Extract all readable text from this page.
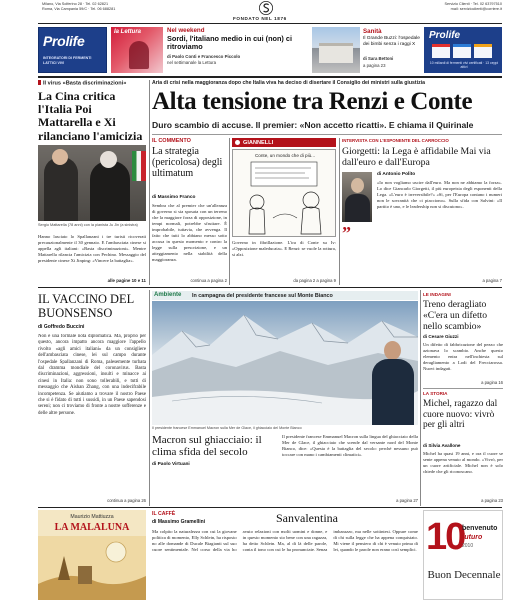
Milano, Via Solferino 28 · Tel. 02 62821
Roma, Via Campania 59/C · Tel. 06 688281
FONDATO NEL 1876
Servizio Clienti · Tel. 02 63797510
mail: servizioclienti@corriere.it
Prolife
INTEGRATORI DI FERMENTI LATTICI VIVI
la Lettura	Nel weekend
Sordi, l'italiano medio in cui (non) ci ritroviamo
di Paolo Conti e Francesco Piccolo
nel settimanale la Lettura
Sanità
Il Grande Buzzi: l'ospedale dei bimbi senza i raggi X
di Sara Bettoni
a pagina 23
Prolife
10 miliardi di fermenti vivi certificati · 13 ceppi attivi
Il virus «Basta discriminazioni»
La Cina critica l'Italia Poi Mattarella e Xi rilanciano l'amicizia
Sergio Mattarella (78 anni) con la pianista Ju Jin (a sinistra)
Hanno lasciato lo Spallanzani i tre turisti ricoverati precauzionalmente il 30 gennaio. E l'ambasciata cinese si appella agli italiani: «Basta discriminazioni». Mentre Mattarella rilancia l'amicizia con Pechino. Messaggio del presidente cinese Xi Jinping: «Vincere la battaglia».
alle pagine 10 e 11
Aria di crisi nella maggioranza dopo che Italia viva ha deciso di disertare il Consiglio dei ministri sulla giustizia
Alta tensione tra Renzi e Conte
Duro scambio di accuse. Il premier: «Non accetto ricatti». E chiama il Quirinale
IL COMMENTO
La strategia (pericolosa) degli ultimatum
di Massimo Franco
Sembra che al premier che un'alleanza di governo si sia sposata con un terreno che la maggiore forza di opposizione, in tempi normali, potrebbe sfruttare. È improbabile, tuttavia, che avvenga. Il fatto che tutti lo abbiano messo sotto accusa in questo momento e contro la legge sulla prescrizione, e un atteggiamento nella stabilità della maggioranza.
continua a pagina 2
GIANNELLI
Conte, un mondo che di più...
Governo in fibrillazione. L'ira di Conte su Iv: «Opposizione maleducata». E Renzi: se vuole la rottura, si alzi.
da pagina 2 a pagina 9
INTERVISTA CON L'ESPONENTE DEL CARROCCIO
Giorgetti: la Lega è affidabile Mai via dall'euro e dall'Europa
”
di Antonio Polito
«Io non vogliamo uscire dall'euro. Ma non ne abbiamo la forza». Lo dice Giancarlo Giorgetti, il più europeista degli esponenti della Lega. «L'euro è irreversibile?» «Sì, per l'Europa contano i numeri non le sovranità che ci piacciono». Sulla sfida con Salvini: «Il partito è uno, e le leadership non si discutono».
a pagina 7
IL VACCINO DEL BUONSENSO
di Goffredo Buccini
Non è una formale nota diplomatica. Ma, proprio per questo, ancora impatto ancora maggiore l'appello rivolto «agli amici italiani» da un consigliere dell'ambasciata cinese, lei sul campo durante l'ospedale Spallanzani di Roma, palesemente turbata dal dramma mondiale del coronavirus. Basta discriminazioni, aggressioni, insulti e minacce ai cinesi in Italia: non sono tollerabili, e tutti di messaggio che Aishan Zhang, con una indecifrabile incompetenza. Se aiutiamo a trovare il nostro Paese che si è fidato di tutti i sussidi, in un Paese sapendosi sereni; non ci troviamo di fronte a nostre sofferenze e delle altre persone.
continua a pagina 26
Ambiente In campagna del presidente francese sul Monte Bianco
Il presidente francese Emmanuel Macron sulla Mer de Glace, il ghiacciaio del Monte Bianco
Macron sul ghiacciaio: il clima sfida del secolo
di Paolo Virtuani
Il presidente francese Emmanuel Macron sulla lingua del ghiacciaio della Mer de Glace, il ghiacciaio che scende dal versante nord del Monte Bianco, dice: «Questa è la battaglia del secolo: perché nessuno può toccare con mano i cambiamenti climatici».
a pagina 27
LE INDAGINI
Treno deragliato «C'era un difetto nello scambio»
di Cesare Giuzzi
Un difetto di fabbricazione del pezzo che azionava lo scambio. Anche questo elemento entra nell'inchiesta sul deragliamento a Lodi del Frecciarossa. Nuovi indagati.
a pagina 16
LA STORIA
Michel, ragazzo dal cuore nuovo: vivrò per gli altri
di Silvia Avallone
Michel ha quasi 19 anni, e ora il cuore se sente appena venuto al mondo. «Vivrò, per un cuore artificiale. Michel non è solo chiede che gli riconoscano.
a pagina 23
Maurizio Mattiuzza
LA MALALUNA
IL CAFFÈ
di Massimo Gramellini	Sanvalentina
Ma colpito la naturalezza con cui la giovane politica di momento, Elly Schlein, ha risposto no alle domande di Ducale Biagianti sul suo cuore sentimentale. Nel corso della via ho avuto relazioni con molti uomini e donne, e in questo momento sto bene con una ragazza, ha detto Schlein. Ma, al di là delle parole, conta il tono con cui le ha pronunciate. Senza imbarazzo, ma nelle sottintesi. Oppure come di chi sulla legge che ha appena conquistato. Mi viene il pensiero di chi è venuto prima di lei, quando le parole non erano così semplici. 10
benvenuto
futuro
2010
Buon Decennale
